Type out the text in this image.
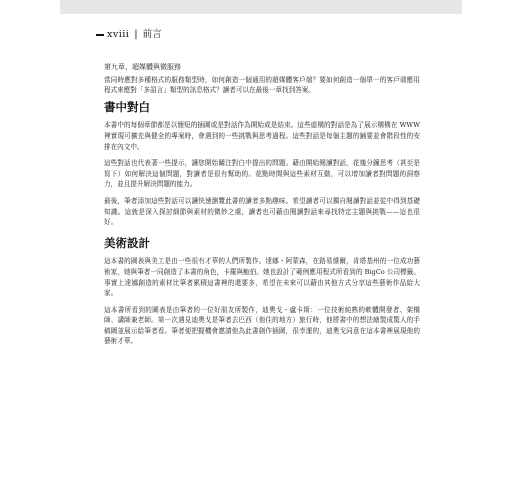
xviii | 前言
第九章，超媒體與微服務

當同時應對多種格式的服務類型時，如何創造一個通用的超媒體客戶端？要如何創造一個單一的客戶端應用程式來應對「多語言」類型的訊息格式？讀者可以在最後一章找到答案。

書中對白

本書中的每個章節都是以簡短的插圖或是對話作為開始或是結束。這些虛構的對話是為了展示構構在 WWW 裡實現可擴充與健全的專案時，會遇到的一些挑戰與思考過程。這些對話是每個主題的鋪要並會階段性的安排在內文中。

這些對話也代表著一些提示，讓您開始關注對白中提出的問題。藉由開始閱讀對話，花幾分鐘思考（甚至是寫下）如何解決這個問題，對讀者是很有幫助的。花點時間與這些素材互動，可以增加讀者對問題的洞察力，並且提升解決問題的能力。

最後，筆者添加這些對話可以讓快速瀏覽此書的讀者多點趣味。希望讀者可以獨自閱讀對話並從中得到基礎知識。這就是深入探討細節與素材的微妙之處，讀者也可藉由閱讀對話來尋找特定主題與挑戰——這也很好。

美術設計

這本書的圖表與美工是由一些很有才華的人們所製作。達娜・阿蒙森，在路易維爾，肯塔基州的一位成功藝術家，她與筆者一同創造了本書的角色，卡羅與鮑伯。她也設計了範例應用程式所看到的 BigCo 公司標籤。事實上達娜創造的素材比筆者累積這書裡的還要多，希望在未來可以藉由其他方式分享這些藝術作品給大家。

這本書所看到的圖表是由筆者的一位好朋友所製作，迪奧戈・盧卡斯：一位技術純熟的軟體開發者、架構師、講師兼老師。第一次遇見迪奧戈是筆者去巴西（他住的地方）旅行時，他將書中的想法繪製成驚人的手稿圖並展示給筆者看。筆者便把握機會邀請他為此書創作插圖，很幸運的，迪奧戈同意在這本書裡展現他的藝術才華。
